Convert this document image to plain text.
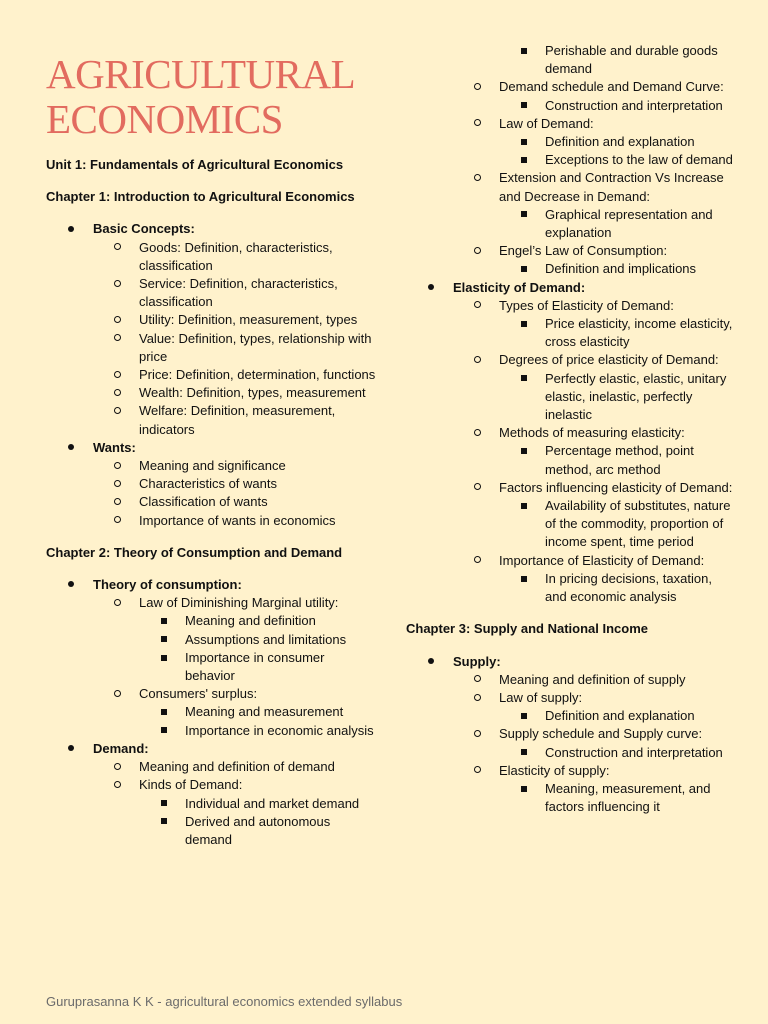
AGRICULTURAL
ECONOMICS
Unit 1: Fundamentals of Agricultural Economics
Chapter 1: Introduction to Agricultural Economics
Basic Concepts:
Goods: Definition, characteristics, classification
Service: Definition, characteristics, classification
Utility: Definition, measurement, types
Value: Definition, types, relationship with price
Price: Definition, determination, functions
Wealth: Definition, types, measurement
Welfare: Definition, measurement, indicators
Wants:
Meaning and significance
Characteristics of wants
Classification of wants
Importance of wants in economics
Chapter 2: Theory of Consumption and Demand
Theory of consumption:
Law of Diminishing Marginal utility:
Meaning and definition
Assumptions and limitations
Importance in consumer behavior
Consumers' surplus:
Meaning and measurement
Importance in economic analysis
Demand:
Meaning and definition of demand
Kinds of Demand:
Individual and market demand
Derived and autonomous demand
Perishable and durable goods demand
Demand schedule and Demand Curve:
Construction and interpretation
Law of Demand:
Definition and explanation
Exceptions to the law of demand
Extension and Contraction Vs Increase and Decrease in Demand:
Graphical representation and explanation
Engel’s Law of Consumption:
Definition and implications
Elasticity of Demand:
Types of Elasticity of Demand:
Price elasticity, income elasticity, cross elasticity
Degrees of price elasticity of Demand:
Perfectly elastic, elastic, unitary elastic, inelastic, perfectly inelastic
Methods of measuring elasticity:
Percentage method, point method, arc method
Factors influencing elasticity of Demand:
Availability of substitutes, nature of the commodity, proportion of income spent, time period
Importance of Elasticity of Demand:
In pricing decisions, taxation, and economic analysis
Chapter 3: Supply and National Income
Supply:
Meaning and definition of supply
Law of supply:
Definition and explanation
Supply schedule and Supply curve:
Construction and interpretation
Elasticity of supply:
Meaning, measurement, and factors influencing it
Guruprasanna K K - agricultural economics extended syllabus
